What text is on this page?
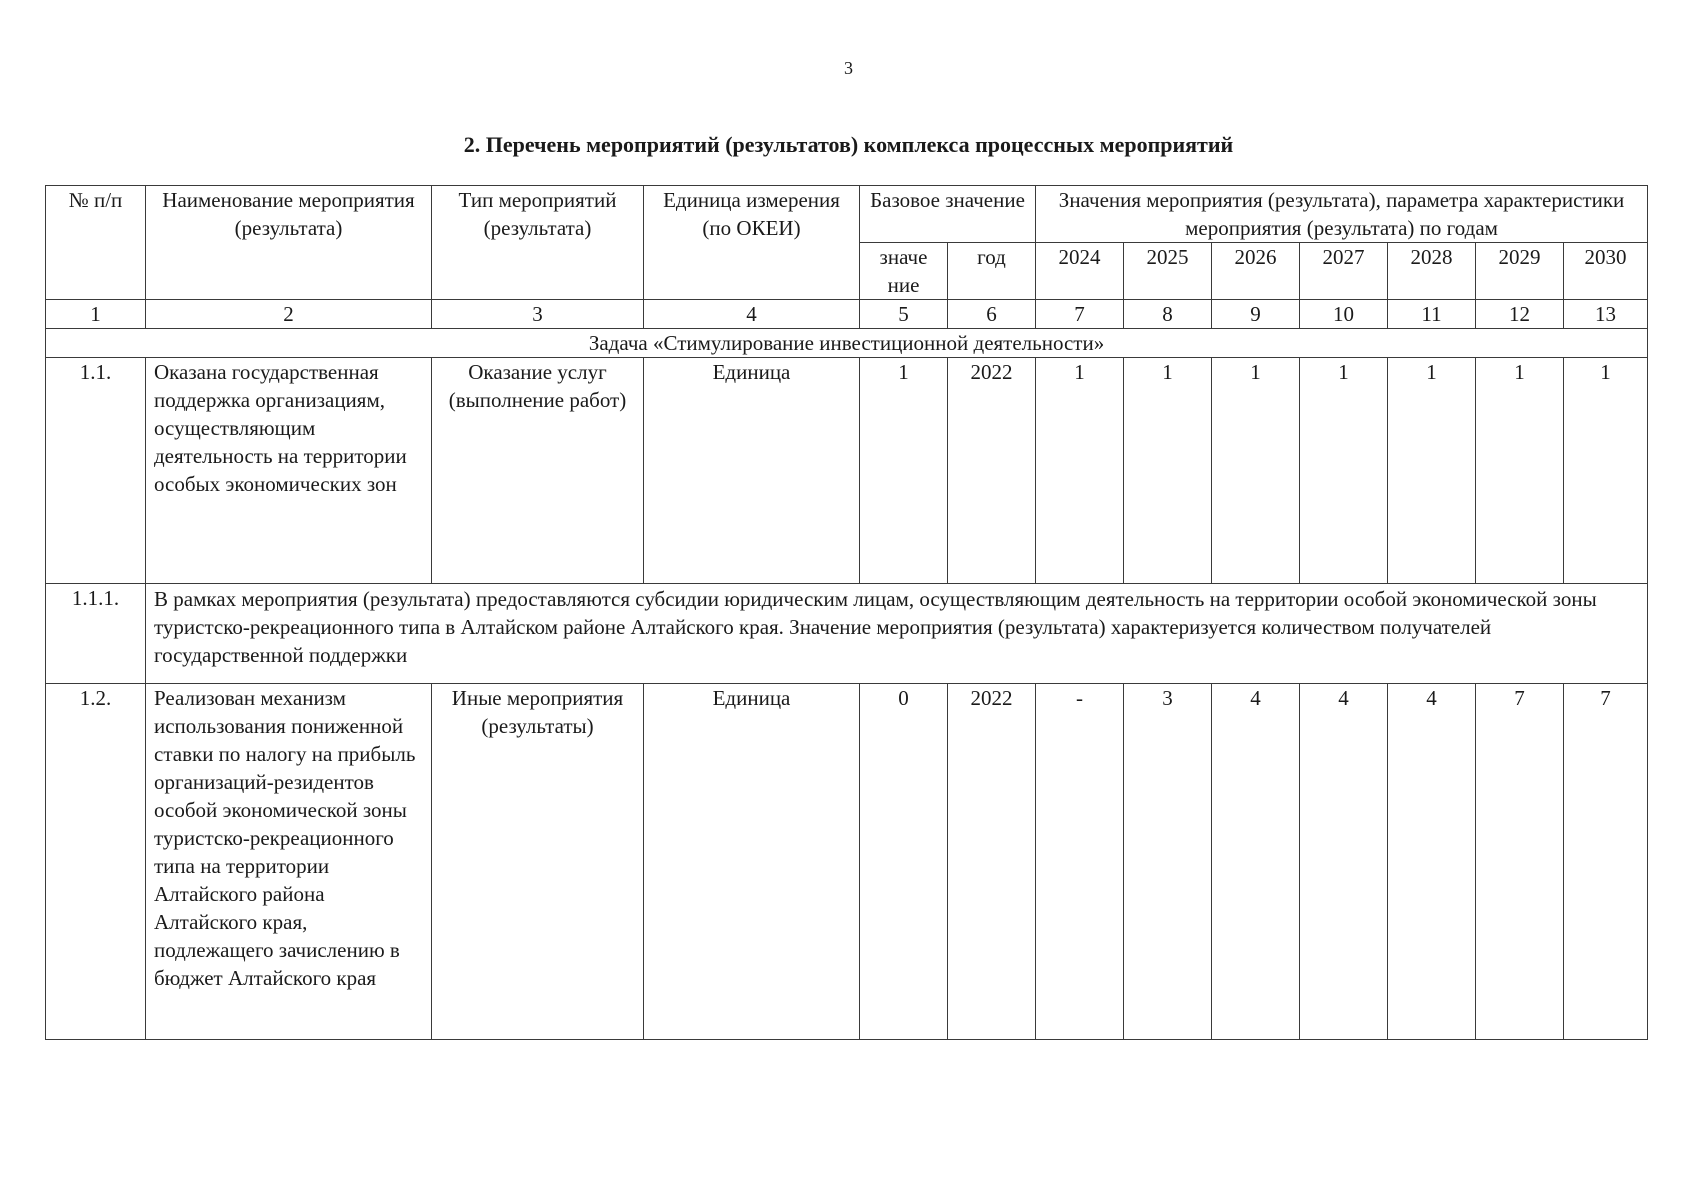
3
2. Перечень мероприятий (результатов) комплекса процессных мероприятий
№ п/п	Наименование мероприятия (результата)	Тип мероприятий (результата)	Единица измерения (по ОКЕИ)	Базовое значение		Значения мероприятия (результата), параметра характеристики мероприятия (результата) по годам						
				значе ние	год	2024	2025	2026	2027	2028	2029	2030
1	2	3	4	5	6	7	8	9	10	11	12	13
Задача «Стимулирование инвестиционной деятельности»												
1.1.	Оказана государственная поддержка организациям, осуществляющим деятельность на территории особых экономических зон	Оказание услуг (выполнение работ)	Единица	1	2022	1	1	1	1	1	1	1
1.1.1.	В рамках мероприятия (результата) предоставляются субсидии юридическим лицам, осуществляющим деятельность на территории особой экономической зоны туристско-рекреационного типа в Алтайском районе Алтайского края. Значение мероприятия (результата) характеризуется количеством получателей государственной поддержки											
1.2.	Реализован механизм использования пониженной ставки по налогу на прибыль организаций-резидентов особой экономической зоны туристско-рекреационного типа на территории Алтайского района Алтайского края, подлежащего зачислению в бюджет Алтайского края	Иные мероприятия (результаты)	Единица	0	2022	-	3	4	4	4	7	7
